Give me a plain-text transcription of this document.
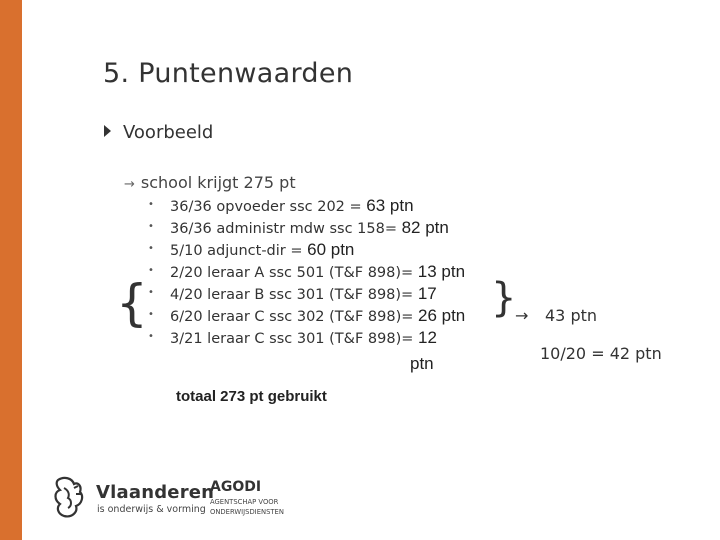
5. Puntenwaarden
Voorbeeld
→ school krijgt 275 pt
• 36/36 opvoeder ssc 202 = 63 ptn
• 36/36 administr mdw ssc 158= 82 ptn
• 5/10 adjunct-dir = 60 ptn
• 2/20 leraar A ssc 501 (T&F 898)= 13 ptn
• 4/20 leraar B ssc 301 (T&F 898)= 17
• 6/20 leraar C ssc 302 (T&F 898)= 26 ptn
• 3/21 leraar C ssc 301 (T&F 898)= 12
ptn
{	}
→ 43 ptn
10/20 = 42 ptn
totaal 273 pt gebruikt
Vlaanderen
is onderwijs & vorming
AGODI
AGENTSCHAP VOOR ONDERWIJSDIENSTEN
